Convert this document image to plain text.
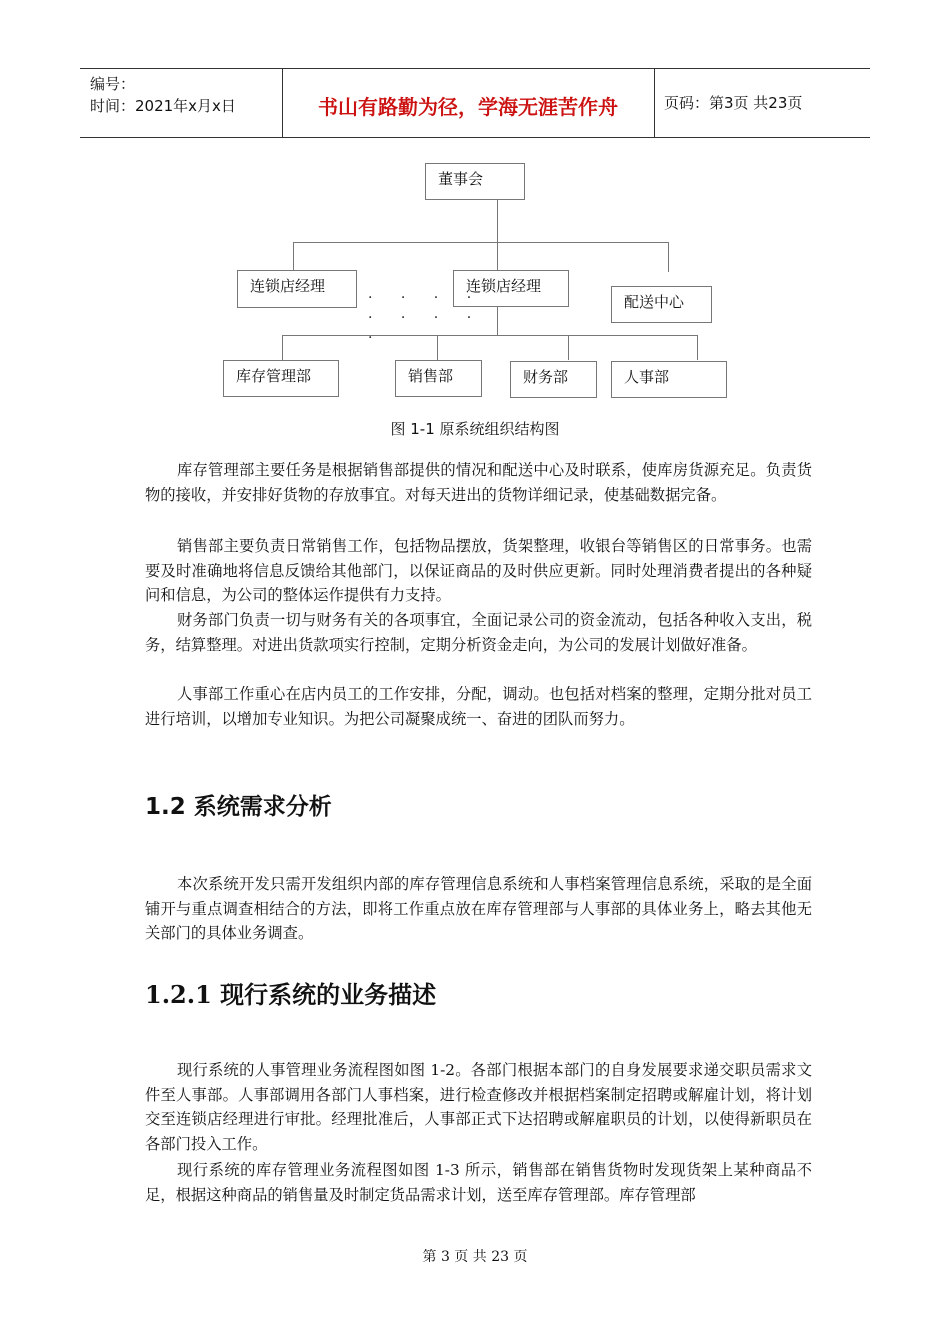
编号：
时间：2021年x月x日	书山有路勤为径，学海无涯苦作舟	页码：第3页 共23页
董事会
连锁店经理	连锁店经理
配送中心
. . . .
. . . .
.
库存管理部	销售部	财务部	人事部
图 1-1 原系统组织结构图

库存管理部主要任务是根据销售部提供的情况和配送中心及时联系，使库房货源充足。负责货物的接收，并安排好货物的存放事宜。对每天进出的货物详细记录，使基础数据完备。

销售部主要负责日常销售工作，包括物品摆放，货架整理，收银台等销售区的日常事务。也需要及时准确地将信息反馈给其他部门，以保证商品的及时供应更新。同时处理消费者提出的各种疑问和信息，为公司的整体运作提供有力支持。

财务部门负责一切与财务有关的各项事宜，全面记录公司的资金流动，包括各种收入支出，税务，结算整理。对进出货款项实行控制，定期分析资金走向，为公司的发展计划做好准备。

人事部工作重心在店内员工的工作安排，分配，调动。也包括对档案的整理，定期分批对员工进行培训，以增加专业知识。为把公司凝聚成统一、奋进的团队而努力。

1.2 系统需求分析

本次系统开发只需开发组织内部的库存管理信息系统和人事档案管理信息系统，采取的是全面铺开与重点调查相结合的方法，即将工作重点放在库存管理部与人事部的具体业务上，略去其他无关部门的具体业务调查。

1.2.1 现行系统的业务描述

现行系统的人事管理业务流程图如图 1-2。各部门根据本部门的自身发展要求递交职员需求文件至人事部。人事部调用各部门人事档案，进行检查修改并根据档案制定招聘或解雇计划，将计划交至连锁店经理进行审批。经理批准后，人事部正式下达招聘或解雇职员的计划，以使得新职员在各部门投入工作。

现行系统的库存管理业务流程图如图 1-3 所示，销售部在销售货物时发现货架上某种商品不足，根据这种商品的销售量及时制定货品需求计划，送至库存管理部。库存管理部

第 3 页 共 23 页
